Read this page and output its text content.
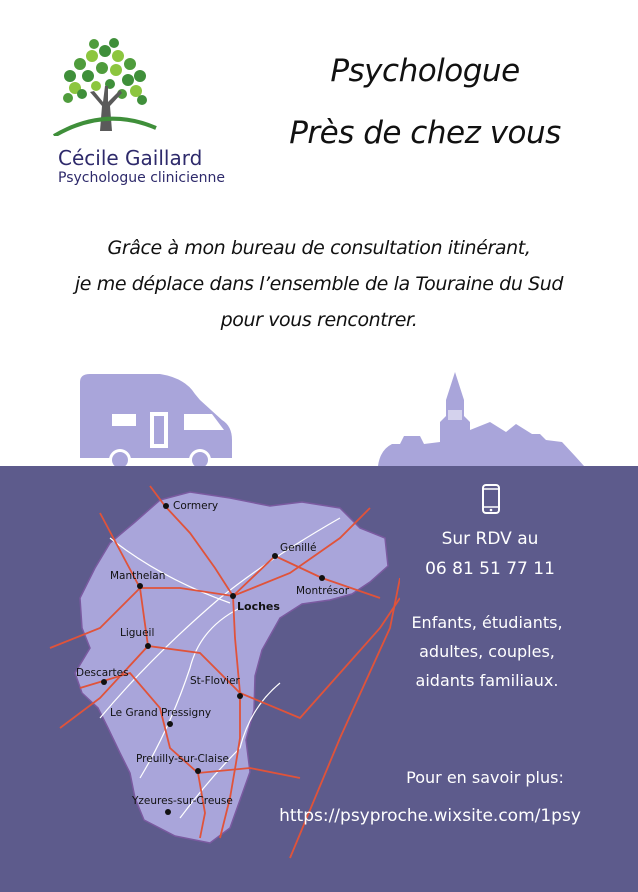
Cécile Gaillard
Psychologue clinicienne
Psychologue
Près de chez vous
Grâce à mon bureau de consultation itinérant,
je me déplace dans l’ensemble de la Touraine du Sud
pour vous rencontrer.
Cormery
Genillé
Manthelan
Montrésor
Loches
Ligueil
Descartes
St-Flovier
Le Grand Pressigny
Preuilly-sur-Claise
Yzeures-sur-Creuse
Sur RDV au
06 81 51 77 11
Enfants, étudiants,
adultes, couples,
aidants familiaux.
Pour en savoir plus:
https://psyproche.wixsite.com/1psy
